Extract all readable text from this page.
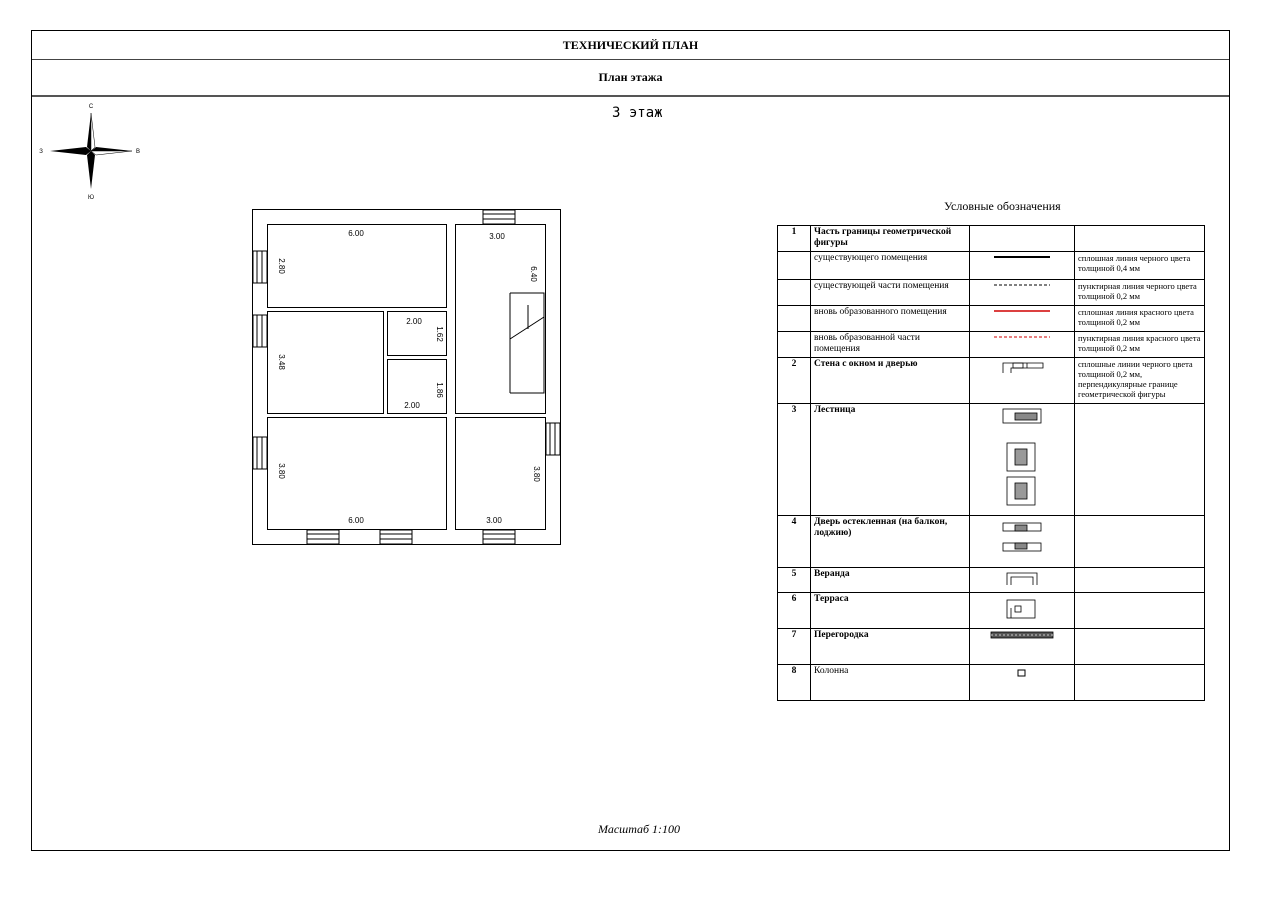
ТЕХНИЧЕСКИЙ ПЛАН
План этажа
3 этаж
С
Ю
З	В
6.00
2.80
3.00
6.40
3.48
2.00
1.62
1.86
2.00
3.80
6.00
3.80
3.00
Условные обозначения
1	Часть границы геометрической фигуры		
	существующего помещения		сплошная линия черного цвета толщиной 0,4 мм
	существующей части помещения		пунктирная линия черного цвета толщиной 0,2 мм
	вновь образованного помещения		сплошная линия красного цвета толщиной 0,2 мм
	вновь образованной части помещения		пунктирная линия красного цвета толщиной 0,2 мм
2	Стена с окном и дверью		сплошные линии черного цвета толщиной 0,2 мм, перпендикулярные границе геометрической фигуры
3	Лестница		
4	Дверь остекленная (на балкон, лоджию)		
5	Веранда		
6	Терраса		
7	Перегородка		
8	Колонна		
Масштаб 1:100
